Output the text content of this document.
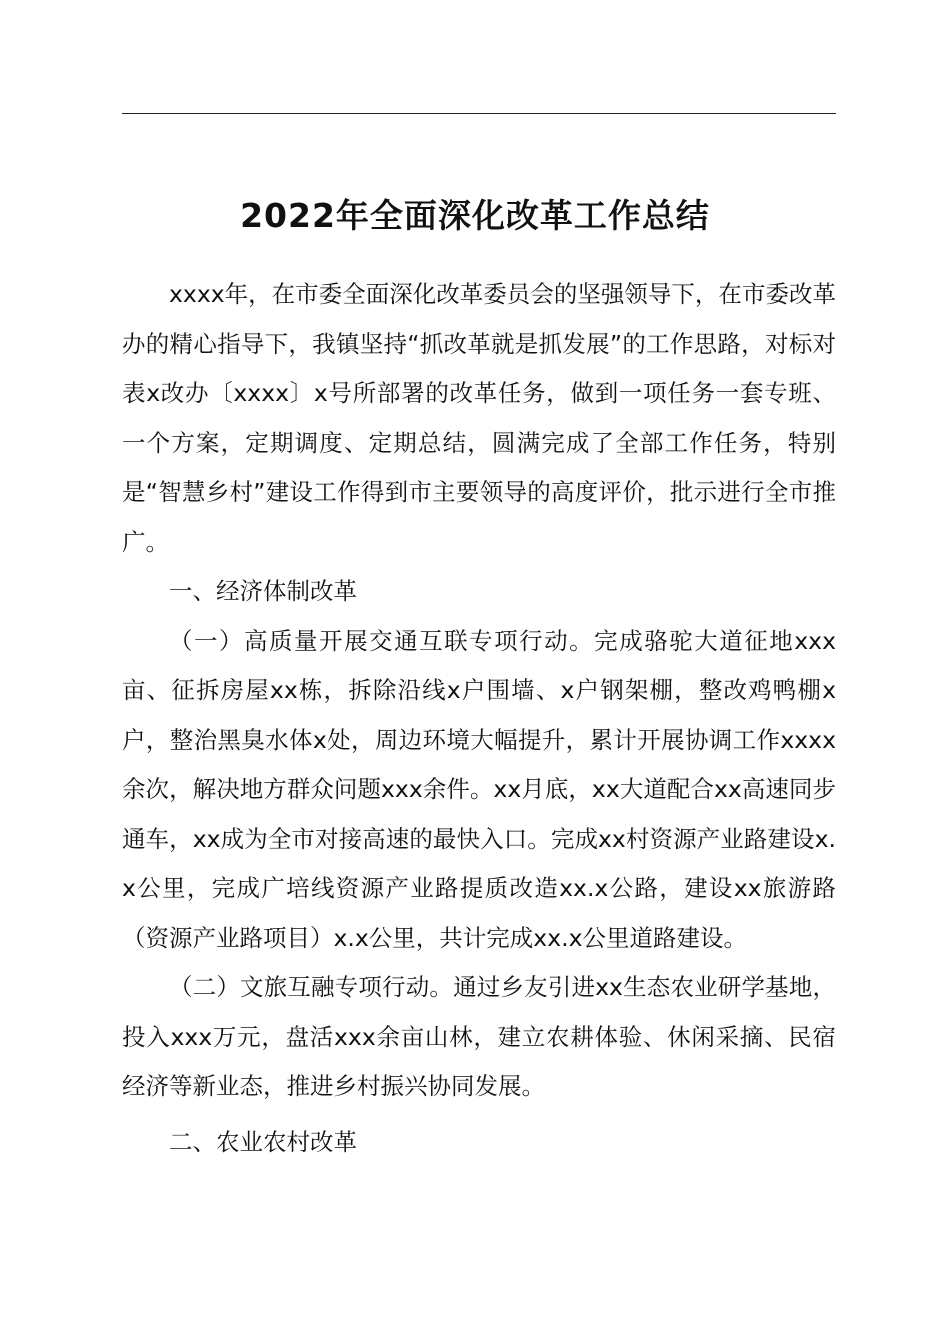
2022年全面深化改革工作总结

xxxx年，在市委全面深化改革委员会的坚强领导下，在市委改革办的精心指导下，我镇坚持“抓改革就是抓发展”的工作思路，对标对表x改办〔xxxx〕x号所部署的改革任务，做到一项任务一套专班、一个方案，定期调度、定期总结，圆满完成了全部工作任务，特别是“智慧乡村”建设工作得到市主要领导的高度评价，批示进行全市推广。

一、经济体制改革

（一）高质量开展交通互联专项行动。完成骆驼大道征地xxx亩、征拆房屋xx栋，拆除沿线x户围墙、x户钢架棚，整改鸡鸭棚x户，整治黑臭水体x处，周边环境大幅提升，累计开展协调工作xxxx余次，解决地方群众问题xxx余件。xx月底，xx大道配合xx高速同步通车，xx成为全市对接高速的最快入口。完成xx村资源产业路建设x.x公里，完成广培线资源产业路提质改造xx.x公路，建设xx旅游路（资源产业路项目）x.x公里，共计完成xx.x公里道路建设。

（二）文旅互融专项行动。通过乡友引进xx生态农业研学基地，投入xxx万元，盘活xxx余亩山林，建立农耕体验、休闲采摘、民宿经济等新业态，推进乡村振兴协同发展。

二、农业农村改革
